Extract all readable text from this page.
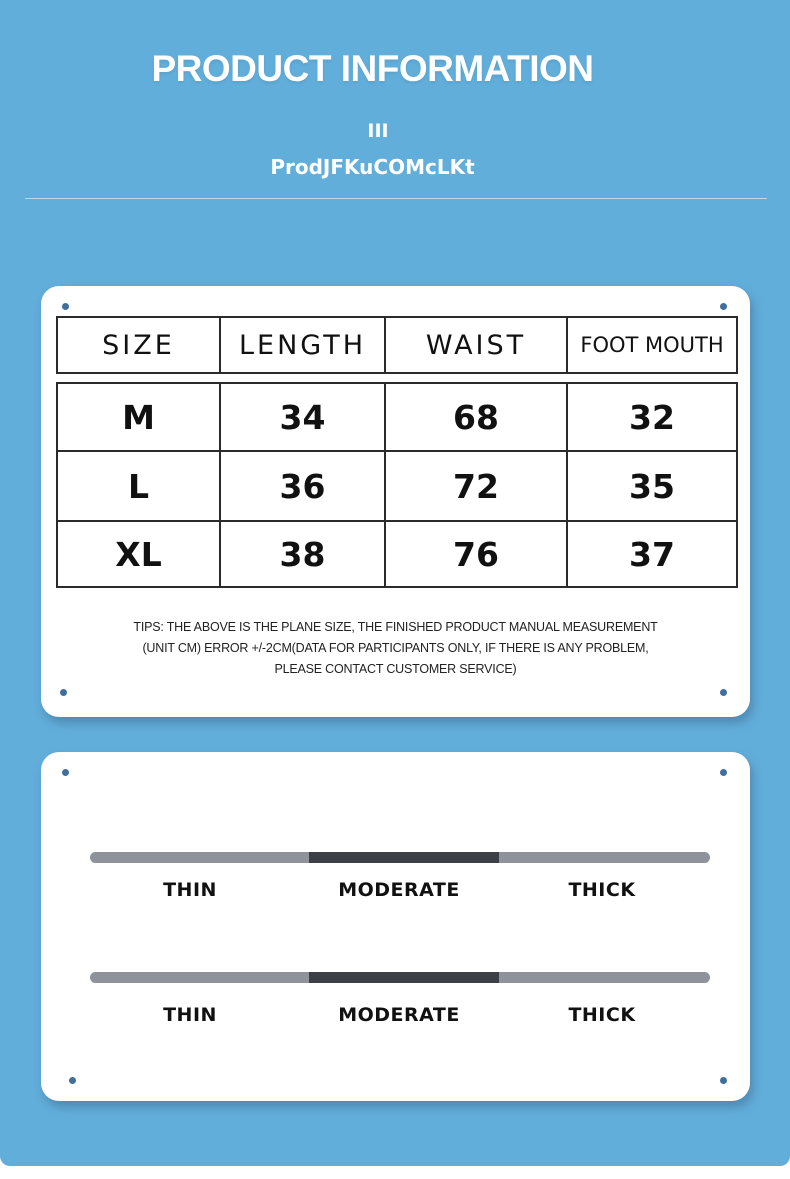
PRODUCT INFORMATION
III
ProdJFKuCOMcLKt
SIZE	LENGTH	WAIST	FOOT MOUTH
M	34	68	32
L	36	72	35
XL	38	76	37
TIPS: THE ABOVE IS THE PLANE SIZE, THE FINISHED PRODUCT MANUAL MEASUREMENT
(UNIT CM) ERROR +/-2CM(DATA FOR PARTICIPANTS ONLY, IF THERE IS ANY PROBLEM,
PLEASE CONTACT CUSTOMER SERVICE)
THIN	MODERATE	THICK
THIN	MODERATE	THICK
